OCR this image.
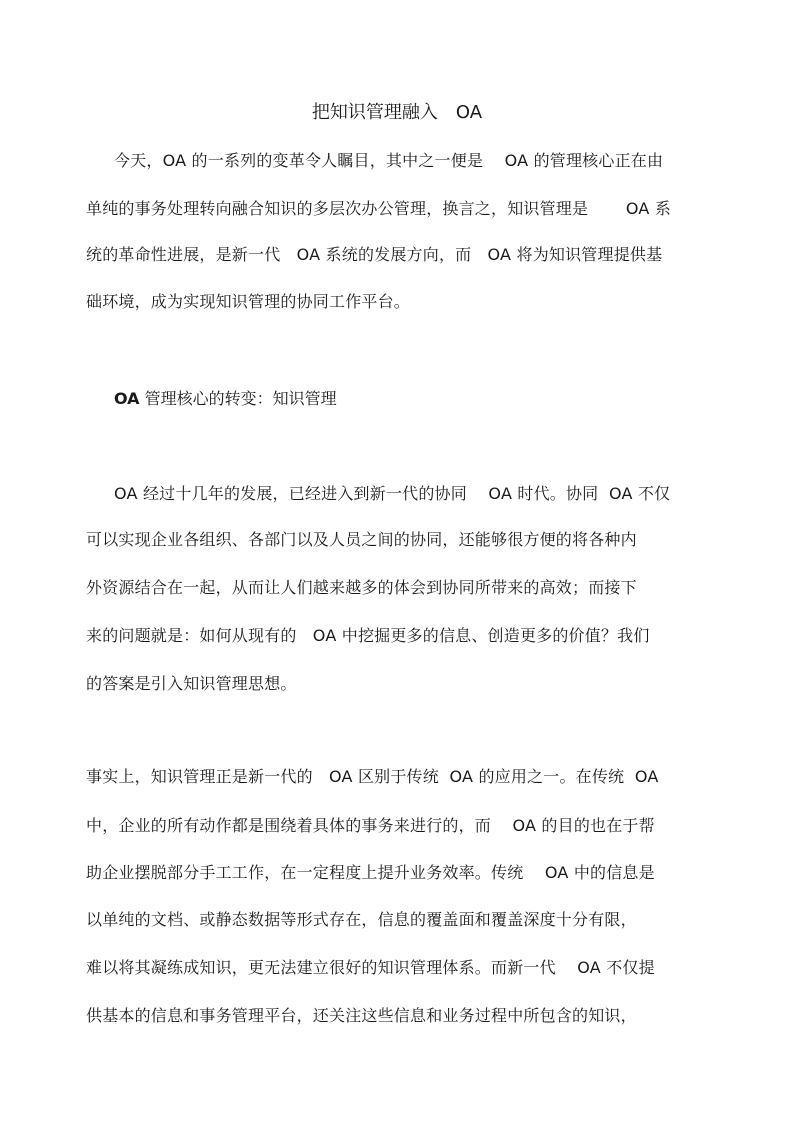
把知识管理融入　OA
今天，OA 的一系列的变革令人瞩目，其中之一便是　 OA 的管理核心正在由
单纯的事务处理转向融合知识的多层次办公管理，换言之，知识管理是　　 OA 系
统的革命性进展，是新一代　OA 系统的发展方向，而　OA 将为知识管理提供基
础环境，成为实现知识管理的协同工作平台。
OA 管理核心的转变：知识管理
OA 经过十几年的发展，已经进入到新一代的协同　 OA 时代。协同  OA 不仅
可以实现企业各组织、各部门以及人员之间的协同，还能够很方便的将各种内
外资源结合在一起，从而让人们越来越多的体会到协同所带来的高效；而接下
来的问题就是：如何从现有的　OA 中挖掘更多的信息、创造更多的价值？我们
的答案是引入知识管理思想。
事实上，知识管理正是新一代的　OA 区别于传统  OA 的应用之一。在传统  OA
中，企业的所有动作都是围绕着具体的事务来进行的，而　 OA 的目的也在于帮
助企业摆脱部分手工工作，在一定程度上提升业务效率。传统　 OA 中的信息是
以单纯的文档、或静态数据等形式存在，信息的覆盖面和覆盖深度十分有限，
难以将其凝练成知识，更无法建立很好的知识管理体系。而新一代　 OA 不仅提
供基本的信息和事务管理平台，还关注这些信息和业务过程中所包含的知识，
